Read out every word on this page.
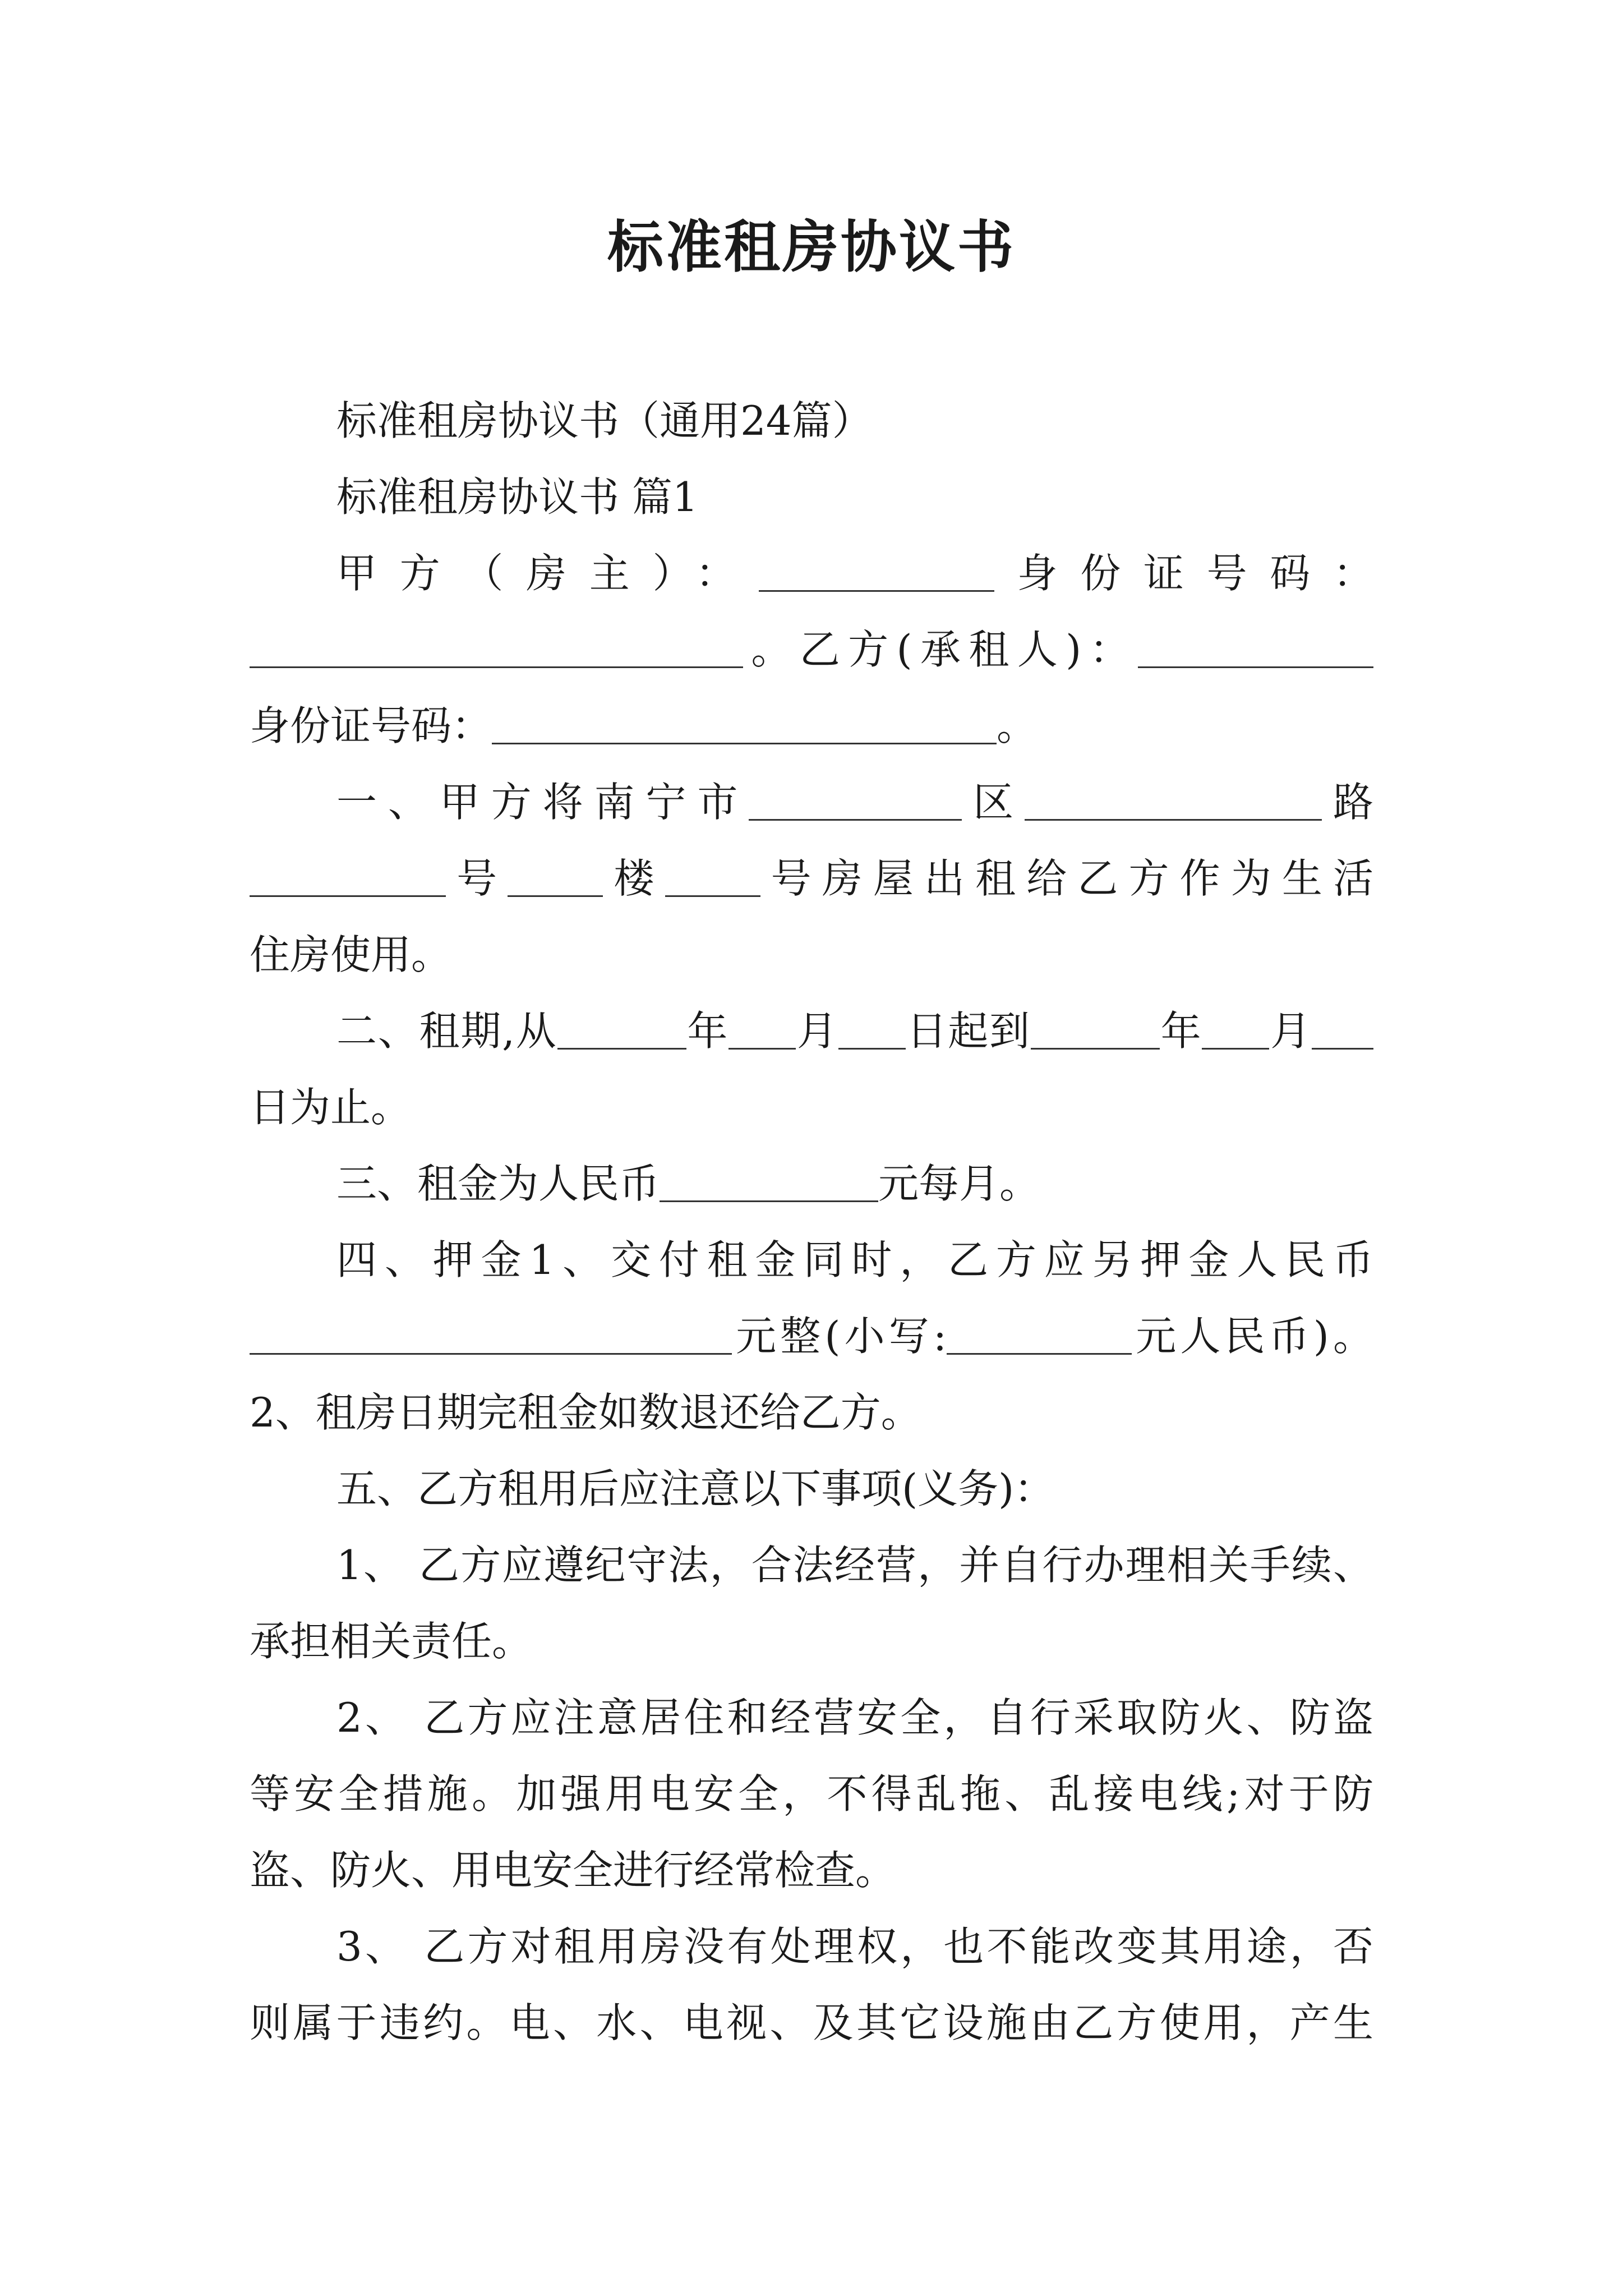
标准租房协议书
标准租房协议书（通用24篇）
标准租房协议书 篇1
甲方（房主）：	身份证号码：
。乙方(承租人)：
身份证号码：	。
一、甲方将南宁市	区	路
号 楼 号房屋出租给乙方作为生活
住房使用。
二、租期,从	年 月 日起到	年 月
日为止。
三、租金为人民币	元每月。
四、押金1、交付租金同时，乙方应另押金人民币
元整(小写:	元人民币)。
2、租房日期完租金如数退还给乙方。
五、乙方租用后应注意以下事项(义务)：
1、 乙方应遵纪守法，合法经营，并自行办理相关手续、
承担相关责任。
2、 乙方应注意居住和经营安全，自行采取防火、防盗
等安全措施。加强用电安全，不得乱拖、乱接电线;对于防
盗、防火、用电安全进行经常检查。
3、 乙方对租用房没有处理权，也不能改变其用途，否
则属于违约。电、水、电视、及其它设施由乙方使用，产生
